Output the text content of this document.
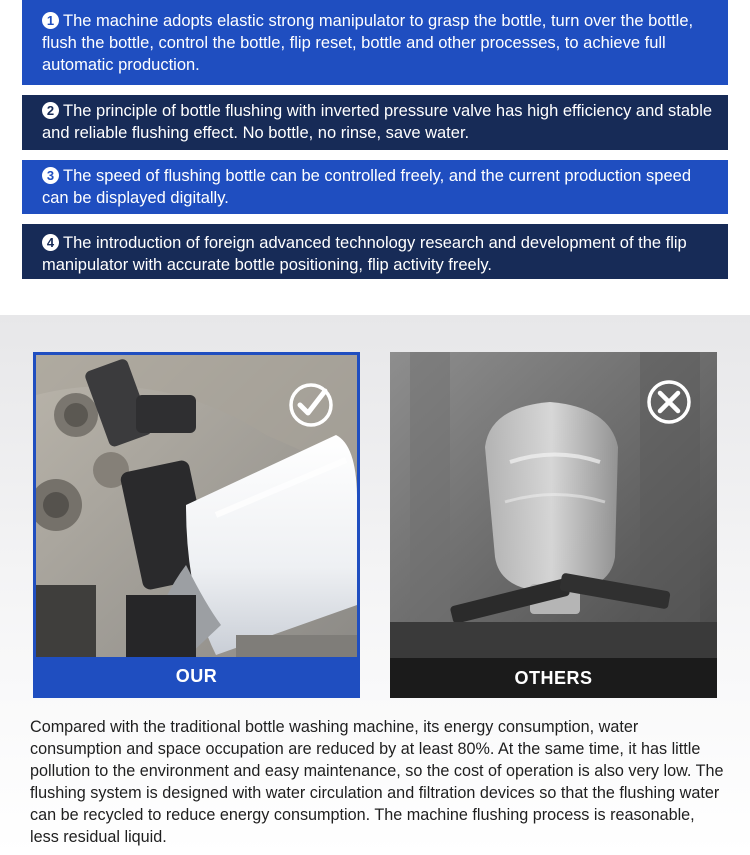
1 The machine adopts elastic strong manipulator to grasp the bottle, turn over the bottle, flush the bottle, control the bottle, flip reset, bottle and other processes, to achieve full automatic production.
2 The principle of bottle flushing with inverted pressure valve has high efficiency and stable and reliable flushing effect. No bottle, no rinse, save water.
3 The speed of flushing bottle can be controlled freely, and the current production speed can be displayed digitally.
4 The introduction of foreign advanced technology research and development of the flip manipulator with accurate bottle positioning, flip activity freely.
OUR	OTHERS

Compared with the traditional bottle washing machine, its energy consumption, water consumption and space occupation are reduced by at least 80%. At the same time, it has little pollution to the environment and easy maintenance, so the cost of operation is also very low. The flushing system is designed with water circulation and filtration devices so that the flushing water can be recycled to reduce energy consumption. The machine flushing process is reasonable, less residual liquid.
